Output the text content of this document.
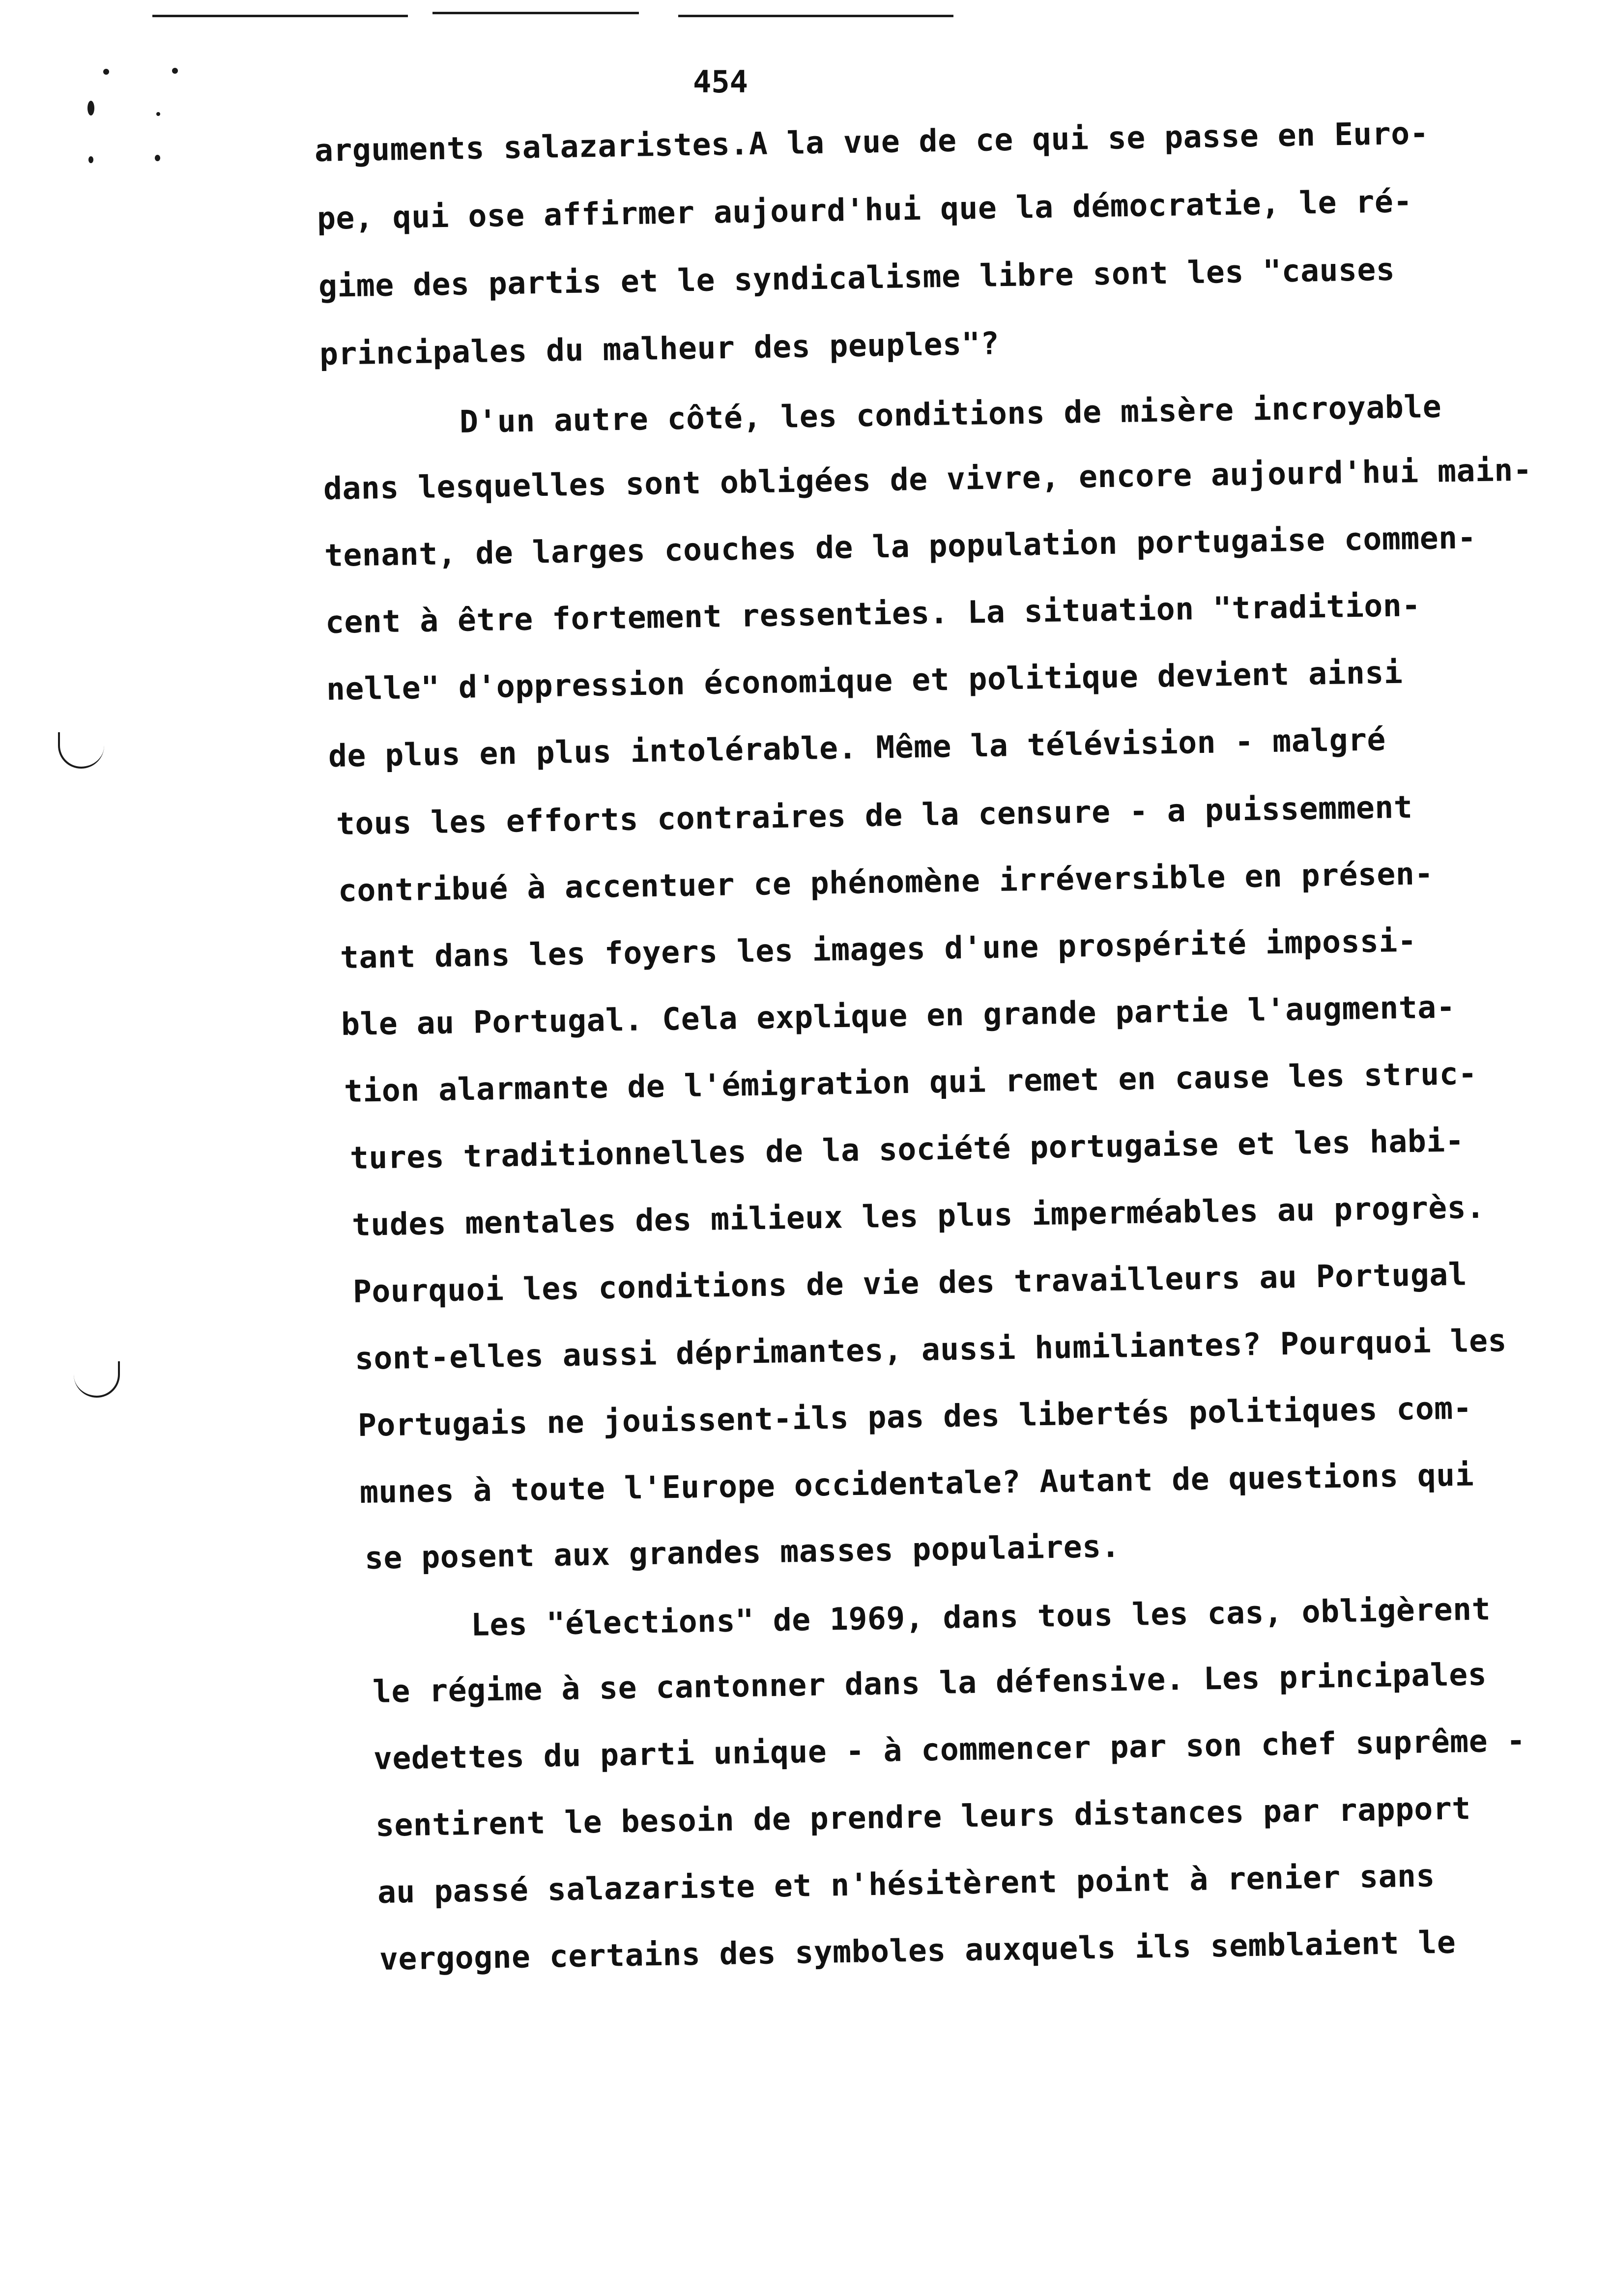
454
arguments salazaristes.A la vue de ce qui se passe en Euro-
pe, qui ose affirmer aujourd'hui que la démocratie, le ré-
gime des partis et le syndicalisme libre sont les "causes
principales du malheur des peuples"?
D'un autre côté, les conditions de misère incroyable
dans lesquelles sont obligées de vivre, encore aujourd'hui main-
tenant, de larges couches de la population portugaise commen-
cent à être fortement ressenties. La situation "tradition-
nelle" d'oppression économique et politique devient ainsi
de plus en plus intolérable. Même la télévision - malgré
tous les efforts contraires de la censure - a puissemment
contribué à accentuer ce phénomène irréversible en présen-
tant dans les foyers les images d'une prospérité impossi-
ble au Portugal. Cela explique en grande partie l'augmenta-
tion alarmante de l'émigration qui remet en cause les struc-
tures traditionnelles de la société portugaise et les habi-
tudes mentales des milieux les plus imperméables au progrès.
Pourquoi les conditions de vie des travailleurs au Portugal
sont-elles aussi déprimantes, aussi humiliantes? Pourquoi les
Portugais ne jouissent-ils pas des libertés politiques com-
munes à toute l'Europe occidentale? Autant de questions qui
se posent aux grandes masses populaires.
Les "élections" de 1969, dans tous les cas, obligèrent
le régime à se cantonner dans la défensive. Les principales
vedettes du parti unique - à commencer par son chef suprême -
sentirent le besoin de prendre leurs distances par rapport
au passé salazariste et n'hésitèrent point à renier sans
vergogne certains des symboles auxquels ils semblaient le
